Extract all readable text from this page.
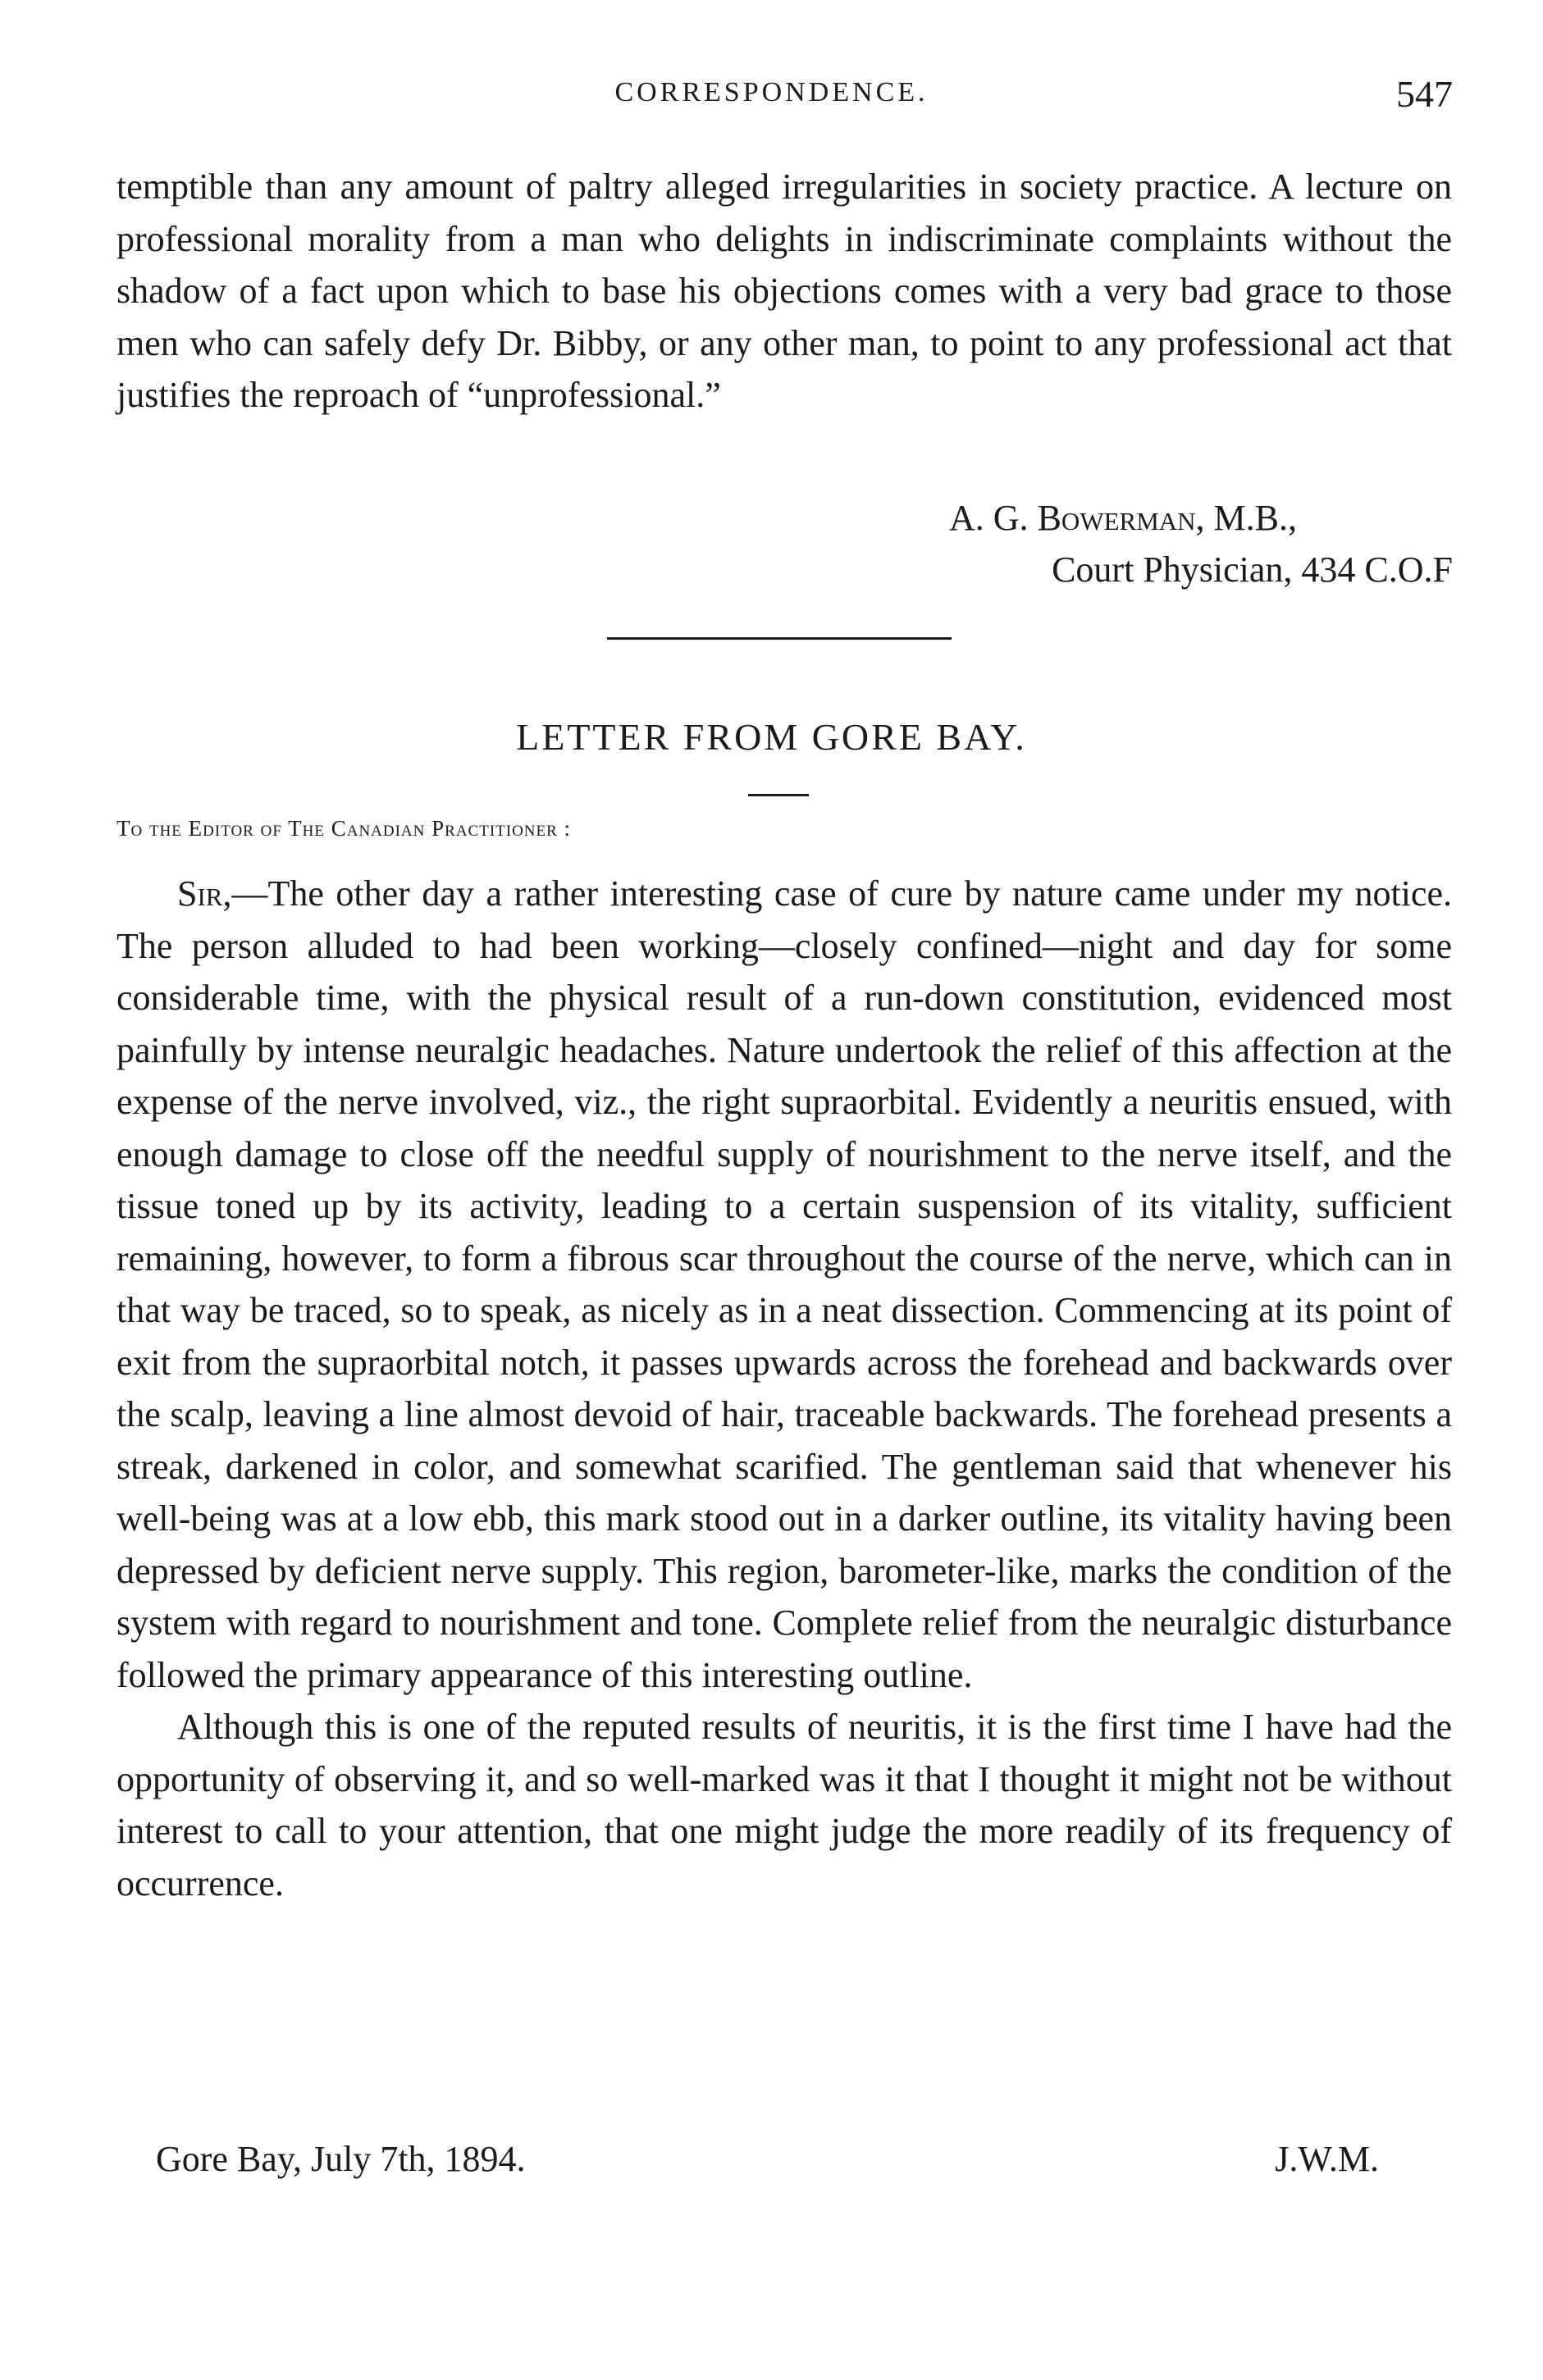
CORRESPONDENCE.	547

temptible than any amount of paltry alleged irregularities in society practice. A lecture on professional morality from a man who delights in indiscriminate complaints without the shadow of a fact upon which to base his objections comes with a very bad grace to those men who can safely defy Dr. Bibby, or any other man, to point to any professional act that justifies the reproach of “unprofessional.”

A. G. Bowerman, M.B.,
Court Physician, 434 C.O.F
LETTER FROM GORE BAY.
To the Editor of The Canadian Practitioner :

Sir,—The other day a rather interesting case of cure by nature came under my notice. The person alluded to had been working—closely confined—night and day for some considerable time, with the physical result of a run-down constitution, evidenced most painfully by intense neuralgic headaches. Nature undertook the relief of this affection at the expense of the nerve involved, viz., the right supraorbital. Evidently a neuritis ensued, with enough damage to close off the needful supply of nourishment to the nerve itself, and the tissue toned up by its activity, leading to a certain suspension of its vitality, sufficient remaining, however, to form a fibrous scar throughout the course of the nerve, which can in that way be traced, so to speak, as nicely as in a neat dissection. Commencing at its point of exit from the supraorbital notch, it passes upwards across the forehead and backwards over the scalp, leaving a line almost devoid of hair, traceable backwards. The forehead presents a streak, darkened in color, and somewhat scarified. The gentleman said that whenever his well-being was at a low ebb, this mark stood out in a darker outline, its vitality having been depressed by deficient nerve supply. This region, barometer-like, marks the condition of the system with regard to nourishment and tone. Complete relief from the neuralgic disturbance followed the primary appearance of this interesting outline.

Although this is one of the reputed results of neuritis, it is the first time I have had the opportunity of observing it, and so well-marked was it that I thought it might not be without interest to call to your attention, that one might judge the more readily of its frequency of occurrence.

Gore Bay, July 7th, 1894.	J.W.M.
